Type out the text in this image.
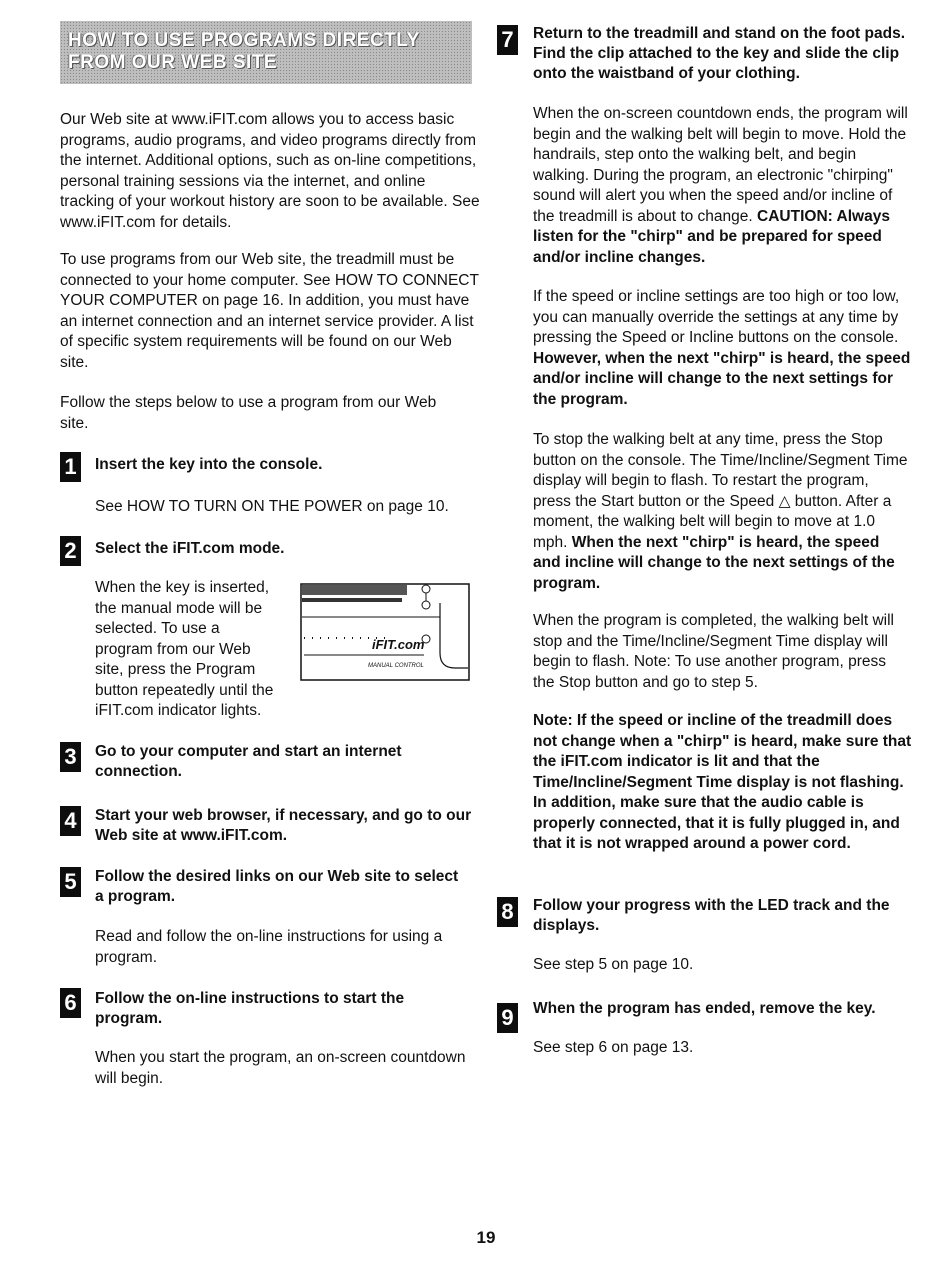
HOW TO USE PROGRAMS DIRECTLY FROM OUR WEB SITE

Our Web site at www.iFIT.com allows you to access basic programs, audio programs, and video programs directly from the internet. Additional options, such as on-line competitions, personal training sessions via the internet, and online tracking of your workout history are soon to be available. See www.iFIT.com for details.

To use programs from our Web site, the treadmill must be connected to your home computer. See HOW TO CONNECT YOUR COMPUTER on page 16. In addition, you must have an internet connection and an internet service provider. A list of specific system requirements will be found on our Web site.

Follow the steps below to use a program from our Web site.

1	Insert the key into the console.

See HOW TO TURN ON THE POWER on page 10.

2	Select the iFIT.com mode.

When the key is inserted, the manual mode will be selected. To use a program from our Web site, press the Program button repeatedly until the iFIT.com indicator lights.

iFIT.com
MANUAL CONTROL

3	Go to your computer and start an internet connection.

4	Start your web browser, if necessary, and go to our Web site at www.iFIT.com.

5	Follow the desired links on our Web site to select a program.

Read and follow the on-line instructions for using a program.

6	Follow the on-line instructions to start the program.

When you start the program, an on-screen countdown will begin.

7	Return to the treadmill and stand on the foot pads. Find the clip attached to the key and slide the clip onto the waistband of your clothing.

When the on-screen countdown ends, the program will begin and the walking belt will begin to move. Hold the handrails, step onto the walking belt, and begin walking. During the program, an electronic "chirping" sound will alert you when the speed and/or incline of the treadmill is about to change. CAUTION: Always listen for the "chirp" and be prepared for speed and/or incline changes.
If the speed or incline settings are too high or too low, you can manually override the settings at any time by pressing the Speed or Incline buttons on the console. However, when the next "chirp" is heard, the speed and/or incline will change to the next settings for the program.
To stop the walking belt at any time, press the Stop button on the console. The Time/Incline/Segment Time display will begin to flash. To restart the program, press the Start button or the Speed △ button. After a moment, the walking belt will begin to move at 1.0 mph. When the next "chirp" is heard, the speed and incline will change to the next settings of the program.

When the program is completed, the walking belt will stop and the Time/Incline/Segment Time display will begin to flash. Note: To use another program, press the Stop button and go to step 5.

Note: If the speed or incline of the treadmill does not change when a "chirp" is heard, make sure that the iFIT.com indicator is lit and that the Time/Incline/Segment Time display is not flashing. In addition, make sure that the audio cable is properly connected, that it is fully plugged in, and that it is not wrapped around a power cord.

8	Follow your progress with the LED track and the displays.

See step 5 on page 10.

9	When the program has ended, remove the key.

See step 6 on page 13.

19
